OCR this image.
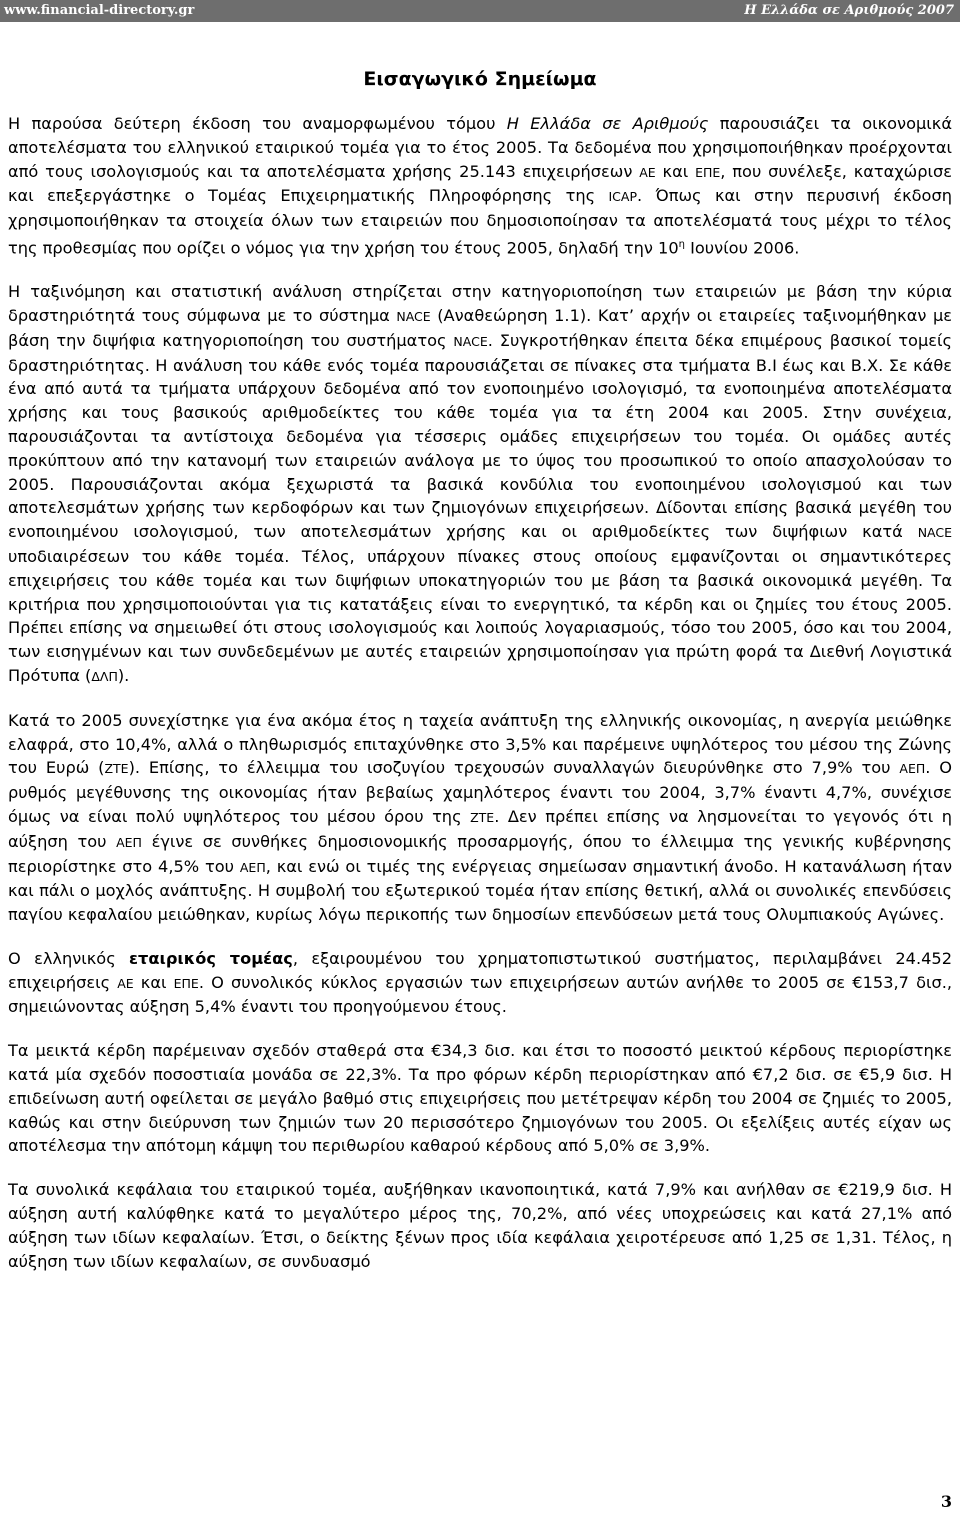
www.financial-directory.gr	Η Ελλάδα σε Αριθμούς 2007
Εισαγωγικό Σημείωμα

Η παρούσα δεύτερη έκδοση του αναμορφωμένου τόμου Η Ελλάδα σε Αριθμούς παρουσιάζει τα οικονομικά αποτελέσματα του ελληνικού εταιρικού τομέα για το έτος 2005. Τα δεδομένα που χρησιμοποιήθηκαν προέρχονται από τους ισολογισμούς και τα αποτελέσματα χρήσης 25.143 επιχειρήσεων ΑΕ και ΕΠΕ, που συνέλεξε, καταχώρισε και επεξεργάστηκε ο Τομέας Επιχειρηματικής Πληροφόρησης της ICAP. Όπως και στην περυσινή έκδοση χρησιμοποιήθηκαν τα στοιχεία όλων των εταιρειών που δημοσιοποίησαν τα αποτελέσματά τους μέχρι το τέλος της προθεσμίας που ορίζει ο νόμος για την χρήση του έτους 2005, δηλαδή την $10^\eta$ Ιουνίου 2006.

Η ταξινόμηση και στατιστική ανάλυση στηρίζεται στην κατηγοριοποίηση των εταιρειών με βάση την κύρια δραστηριότητά τους σύμφωνα με το σύστημα NACE (Αναθεώρηση 1.1). Κατ’ αρχήν οι εταιρείες ταξινομήθηκαν με βάση την διψήφια κατηγοριοποίηση του συστήματος NACE. Συγκροτήθηκαν έπειτα δέκα επιμέρους βασικοί τομείς δραστηριότητας. Η ανάλυση του κάθε ενός τομέα παρουσιάζεται σε πίνακες στα τμήματα Β.Ι έως και Β.Χ. Σε κάθε ένα από αυτά τα τμήματα υπάρχουν δεδομένα από τον ενοποιημένο ισολογισμό, τα ενοποιημένα αποτελέσματα χρήσης και τους βασικούς αριθμοδείκτες του κάθε τομέα για τα έτη 2004 και 2005. Στην συνέχεια, παρουσιάζονται τα αντίστοιχα δεδομένα για τέσσερις ομάδες επιχειρήσεων του τομέα. Οι ομάδες αυτές προκύπτουν από την κατανομή των εταιρειών ανάλογα με το ύψος του προσωπικού το οποίο απασχολούσαν το 2005. Παρουσιάζονται ακόμα ξεχωριστά τα βασικά κονδύλια του ενοποιημένου ισολογισμού και των αποτελεσμάτων χρήσης των κερδοφόρων και των ζημιογόνων επιχειρήσεων. Δίδονται επίσης βασικά μεγέθη του ενοποιημένου ισολογισμού, των αποτελεσμάτων χρήσης και οι αριθμοδείκτες των διψήφιων κατά NACE υποδιαιρέσεων του κάθε τομέα. Τέλος, υπάρχουν πίνακες στους οποίους εμφανίζονται οι σημαντικότερες επιχειρήσεις του κάθε τομέα και των διψήφιων υποκατηγοριών του με βάση τα βασικά οικονομικά μεγέθη. Τα κριτήρια που χρησιμοποιούνται για τις κατατάξεις είναι το ενεργητικό, τα κέρδη και οι ζημίες του έτους 2005. Πρέπει επίσης να σημειωθεί ότι στους ισολογισμούς και λοιπούς λογαριασμούς, τόσο του 2005, όσο και του 2004, των εισηγμένων και των συνδεδεμένων με αυτές εταιρειών χρησιμοποίησαν για πρώτη φορά τα Διεθνή Λογιστικά Πρότυπα (ΔΛΠ).

Κατά το 2005 συνεχίστηκε για ένα ακόμα έτος η ταχεία ανάπτυξη της ελληνικής οικονομίας, η ανεργία μειώθηκε ελαφρά, στο 10,4%, αλλά ο πληθωρισμός επιταχύνθηκε στο 3,5% και παρέμεινε υψηλότερος του μέσου της Ζώνης του Ευρώ (ΖΤΕ). Επίσης, το έλλειμμα του ισοζυγίου τρεχουσών συναλλαγών διευρύνθηκε στο 7,9% του ΑΕΠ. Ο ρυθμός μεγέθυνσης της οικονομίας ήταν βεβαίως χαμηλότερος έναντι του 2004, 3,7% έναντι 4,7%, συνέχισε όμως να είναι πολύ υψηλότερος του μέσου όρου της ΖΤΕ. Δεν πρέπει επίσης να λησμονείται το γεγονός ότι η αύξηση του ΑΕΠ έγινε σε συνθήκες δημοσιονομικής προσαρμογής, όπου το έλλειμμα της γενικής κυβέρνησης περιορίστηκε στο 4,5% του ΑΕΠ, και ενώ οι τιμές της ενέργειας σημείωσαν σημαντική άνοδο. Η κατανάλωση ήταν και πάλι ο μοχλός ανάπτυξης. Η συμβολή του εξωτερικού τομέα ήταν επίσης θετική, αλλά οι συνολικές επενδύσεις παγίου κεφαλαίου μειώθηκαν, κυρίως λόγω περικοπής των δημοσίων επενδύσεων μετά τους Ολυμπιακούς Αγώνες.

Ο ελληνικός εταιρικός τομέας, εξαιρουμένου του χρηματοπιστωτικού συστήματος, περιλαμβάνει 24.452 επιχειρήσεις ΑΕ και ΕΠΕ. Ο συνολικός κύκλος εργασιών των επιχειρήσεων αυτών ανήλθε το 2005 σε €153,7 δισ., σημειώνοντας αύξηση 5,4% έναντι του προηγούμενου έτους.

Τα μεικτά κέρδη παρέμειναν σχεδόν σταθερά στα €34,3 δισ. και έτσι το ποσοστό μεικτού κέρδους περιορίστηκε κατά μία σχεδόν ποσοστιαία μονάδα σε 22,3%. Τα προ φόρων κέρδη περιορίστηκαν από €7,2 δισ. σε €5,9 δισ. Η επιδείνωση αυτή οφείλεται σε μεγάλο βαθμό στις επιχειρήσεις που μετέτρεψαν κέρδη του 2004 σε ζημιές το 2005, καθώς και στην διεύρυνση των ζημιών των 20 περισσότερο ζημιογόνων του 2005. Οι εξελίξεις αυτές είχαν ως αποτέλεσμα την απότομη κάμψη του περιθωρίου καθαρού κέρδους από 5,0% σε 3,9%.

Τα συνολικά κεφάλαια του εταιρικού τομέα, αυξήθηκαν ικανοποιητικά, κατά 7,9% και ανήλθαν σε €219,9 δισ. Η αύξηση αυτή καλύφθηκε κατά το μεγαλύτερο μέρος της, 70,2%, από νέες υποχρεώσεις και κατά 27,1% από αύξηση των ιδίων κεφαλαίων. Έτσι, ο δείκτης ξένων προς ιδία κεφάλαια χειροτέρευσε από 1,25 σε 1,31. Τέλος, η αύξηση των ιδίων κεφαλαίων, σε συνδυασμό

3
